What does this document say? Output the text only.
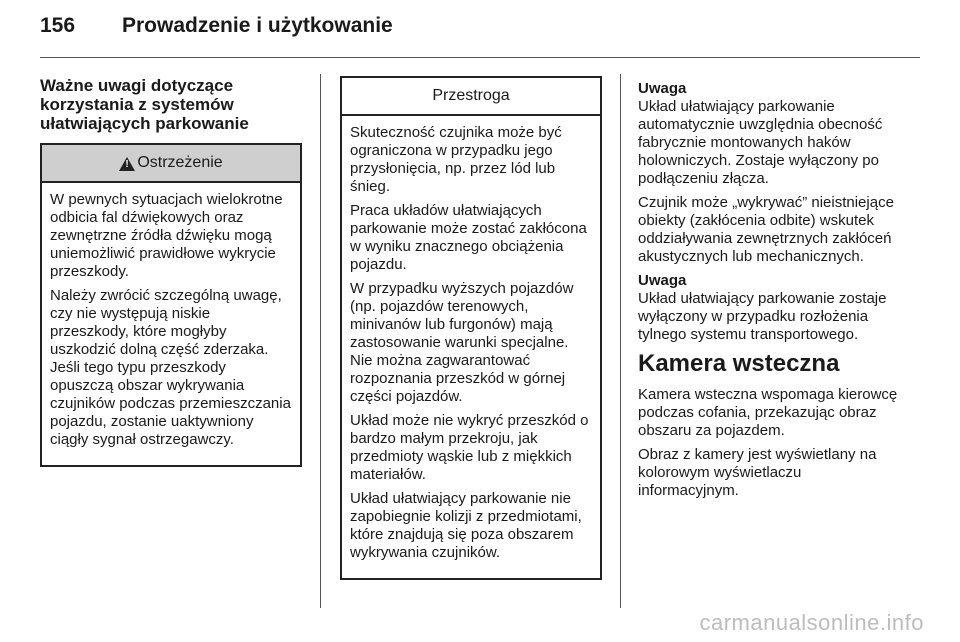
156 Prowadzenie i użytkowanie
Ważne uwagi dotyczące
korzystania z systemów
ułatwiających parkowanie
!
Ostrzeżenie

W pewnych sytuacjach wielokrotne odbicia fal dźwiękowych oraz zewnętrzne źródła dźwięku mogą uniemożliwić prawidłowe wykrycie przeszkody.

Należy zwrócić szczególną uwagę, czy nie występują niskie przeszkody, które mogłyby uszkodzić dolną część zderzaka. Jeśli tego typu przeszkody opuszczą obszar wykrywania czujników podczas przemieszczania pojazdu, zostanie uaktywniony ciągły sygnał ostrzegawczy.

Przestroga

Skuteczność czujnika może być ograniczona w przypadku jego przysłonięcia, np. przez lód lub śnieg.

Praca układów ułatwiających parkowanie może zostać zakłócona w wyniku znacznego obciążenia pojazdu.

W przypadku wyższych pojazdów (np. pojazdów terenowych, minivanów lub furgonów) mają zastosowanie warunki specjalne. Nie można zagwarantować rozpoznania przeszkód w górnej części pojazdów.

Układ może nie wykryć przeszkód o bardzo małym przekroju, jak przedmioty wąskie lub z miękkich materiałów.

Układ ułatwiający parkowanie nie zapobiegnie kolizji z przedmiotami, które znajdują się poza obszarem wykrywania czujników.

Uwaga

Układ ułatwiający parkowanie automatycznie uwzględnia obecność fabrycznie montowanych haków holowniczych. Zostaje wyłączony po podłączeniu złącza.

Czujnik może „wykrywać” nieistniejące obiekty (zakłócenia odbite) wskutek oddziaływania zewnętrznych zakłóceń akustycznych lub mechanicznych.

Uwaga

Układ ułatwiający parkowanie zostaje wyłączony w przypadku rozłożenia tylnego systemu transportowego.

Kamera wsteczna

Kamera wsteczna wspomaga kierowcę podczas cofania, przekazując obraz obszaru za pojazdem.

Obraz z kamery jest wyświetlany na kolorowym wyświetlaczu informacyjnym.

carmanualsonline.info
